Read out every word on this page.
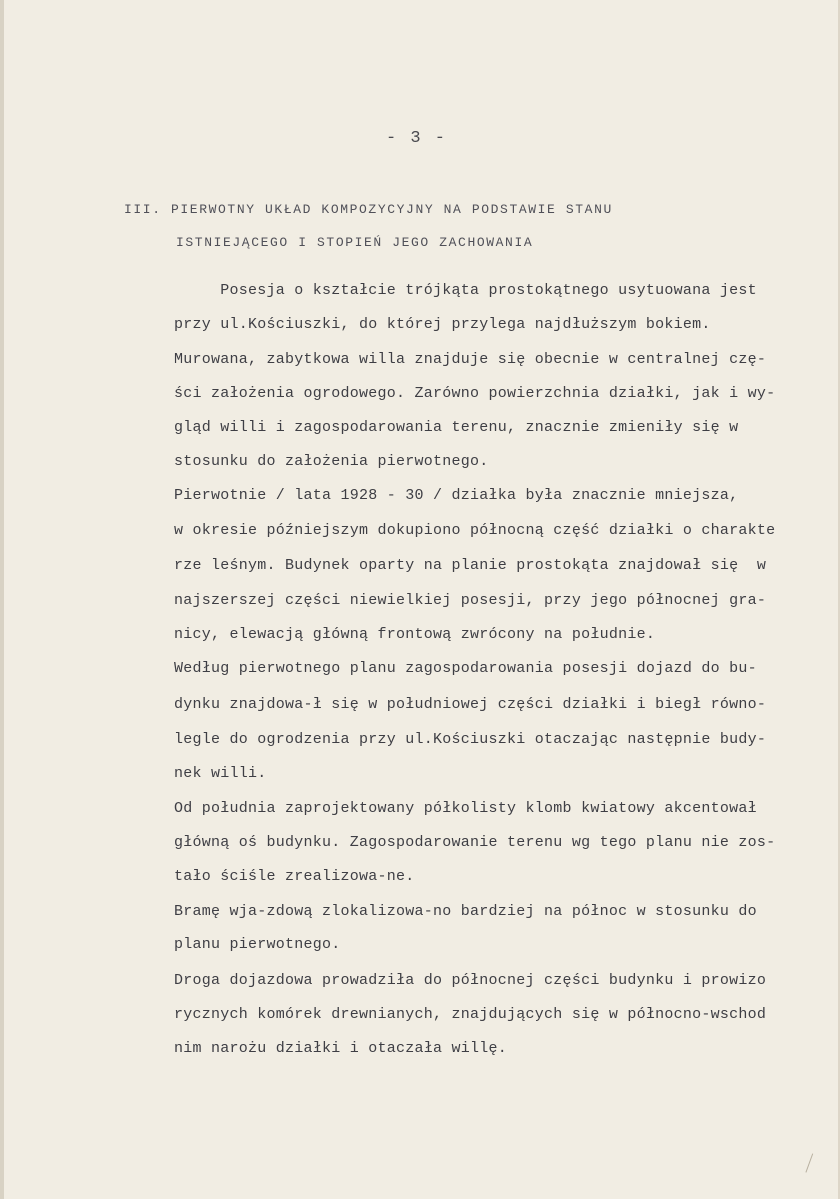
- 3 -
III. PIERWOTNY UKŁAD KOMPOZYCYJNY NA PODSTAWIE STANU
ISTNIEJĄCEGO I STOPIEŃ JEGO ZACHOWANIA
Posesja o kształcie trójkąta prostokątnego usytuowana jest
przy ul.Kościuszki, do której przylega najdłuższym bokiem.
Murowana, zabytkowa willa znajduje się obecnie w centralnej czę-
ści założenia ogrodowego. Zarówno powierzchnia działki, jak i wy-
gląd willi i zagospodarowania terenu, znacznie zmieniły się w
stosunku do założenia pierwotnego.
Pierwotnie / lata 1928 - 30 / działka była znacznie mniejsza,
w okresie późniejszym dokupiono północną część działki o charakte
rze leśnym. Budynek oparty na planie prostokąta znajdował się  w
najszerszej części niewielkiej posesji, przy jego północnej gra-
nicy, elewacją główną frontową zwrócony na południe.
Według pierwotnego planu zagospodarowania posesji dojazd do bu-
dynku znajdowa-ł się w południowej części działki i biegł równo-
legle do ogrodzenia przy ul.Kościuszki otaczając następnie budy-
nek willi.
Od południa zaprojektowany półkolisty klomb kwiatowy akcentował
główną oś budynku. Zagospodarowanie terenu wg tego planu nie zos-
tało ściśle zrealizowa-ne.
Bramę wja-zdową zlokalizowa-no bardziej na północ w stosunku do
planu pierwotnego.
Droga dojazdowa prowadziła do północnej części budynku i prowizo
rycznych komórek drewnianych, znajdujących się w północno-wschod
nim narożu działki i otaczała willę.
